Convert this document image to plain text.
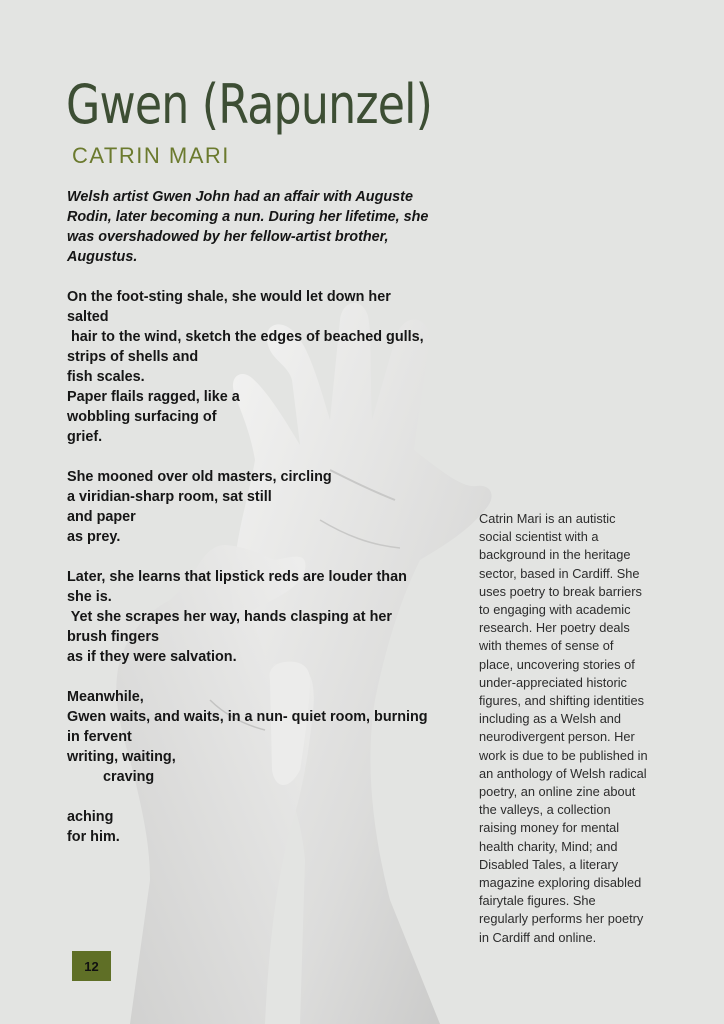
Gwen (Rapunzel)
CATRIN MARI
Welsh artist Gwen John had an affair with Auguste
Rodin, later becoming a nun. During her lifetime, she
was overshadowed by her fellow-artist brother,
Augustus.
On the foot-sting shale, she would let down her
salted
hair to the wind, sketch the edges of beached gulls,
strips of shells and
fish scales.
Paper flails ragged, like a
wobbling surfacing of
grief.
She mooned over old masters, circling
a viridian-sharp room, sat still
and paper
as prey.
Later, she learns that lipstick reds are louder than
she is.
Yet she scrapes her way, hands clasping at her
brush fingers
as if they were salvation.
Meanwhile,
Gwen waits, and waits, in a nun- quiet room, burning
in fervent
writing, waiting,
craving
aching
for him.
Catrin Mari is an autistic
social scientist with a
background in the heritage
sector, based in Cardiff. She
uses poetry to break barriers
to engaging with academic
research. Her poetry deals
with themes of sense of
place, uncovering stories of
under-appreciated historic
figures, and shifting identities
including as a Welsh and
neurodivergent person. Her
work is due to be published in
an anthology of Welsh radical
poetry, an online zine about
the valleys, a collection
raising money for mental
health charity, Mind; and
Disabled Tales, a literary
magazine exploring disabled
fairytale figures. She
regularly performs her poetry
in Cardiff and online.
12
